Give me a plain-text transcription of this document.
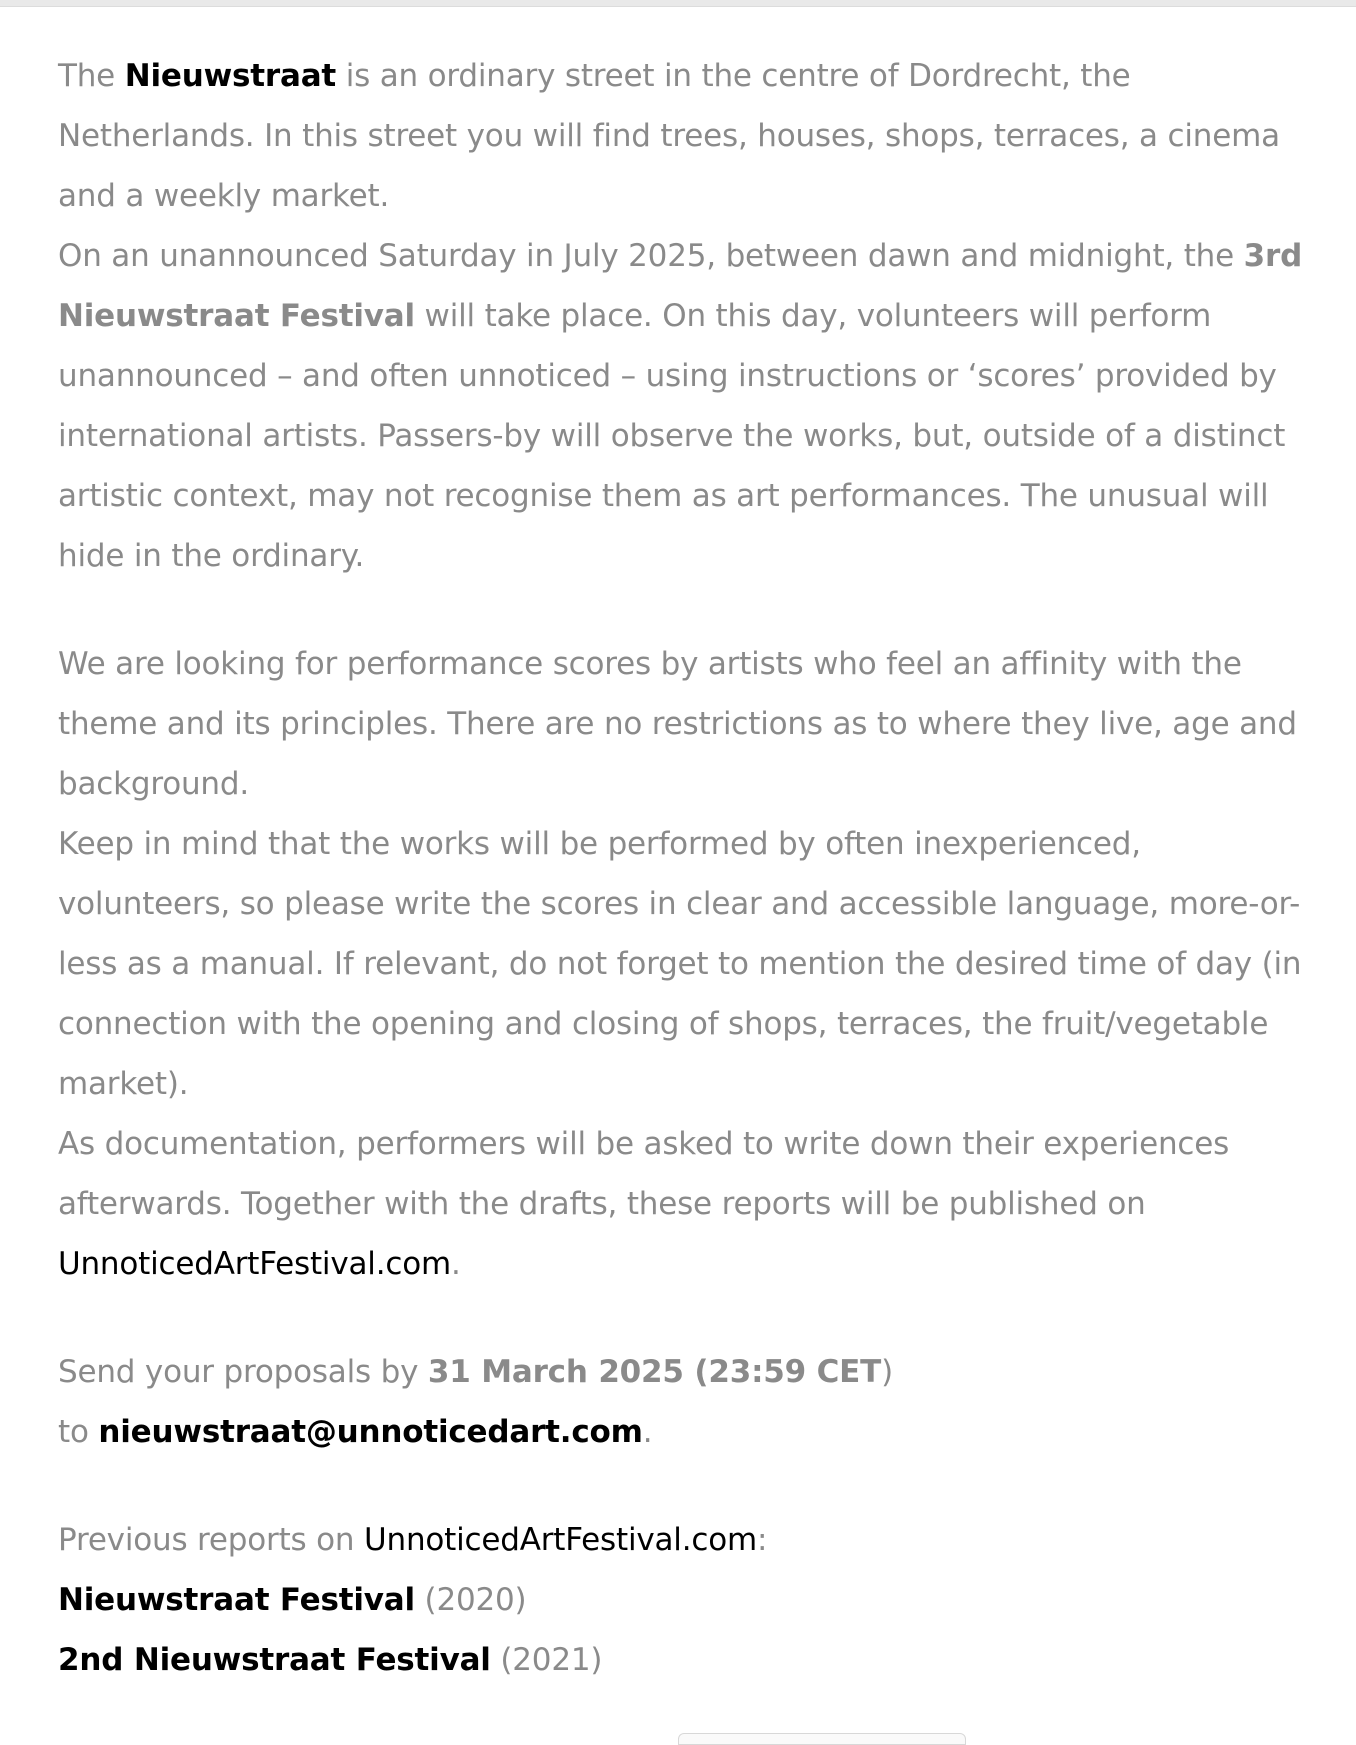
The Nieuwstraat is an ordinary street in the centre of Dordrecht, the Netherlands. In this street you will find trees, houses, shops, terraces, a cinema and a weekly market.

On an unannounced Saturday in July 2025, between dawn and midnight, the 3rd Nieuwstraat Festival will take place. On this day, volunteers will perform unannounced – and often unnoticed – using instructions or ‘scores’ provided by international artists. Passers-by will observe the works, but, outside of a distinct artistic context, may not recognise them as art performances. The unusual will hide in the ordinary.

We are looking for performance scores by artists who feel an affinity with the theme and its principles. There are no restrictions as to where they live, age and background.

Keep in mind that the works will be performed by often inexperienced, volunteers, so please write the scores in clear and accessible language, more-or-less as a manual. If relevant, do not forget to mention the desired time of day (in connection with the opening and closing of shops, terraces, the fruit/vegetable market).

As documentation, performers will be asked to write down their experiences afterwards. Together with the drafts, these reports will be published on UnnoticedArtFestival.com.

Send your proposals by 31 March 2025 (23:59 CET)

to nieuwstraat@unnoticedart.com.

Previous reports on UnnoticedArtFestival.com:

Nieuwstraat Festival (2020)

2nd Nieuwstraat Festival (2021)
